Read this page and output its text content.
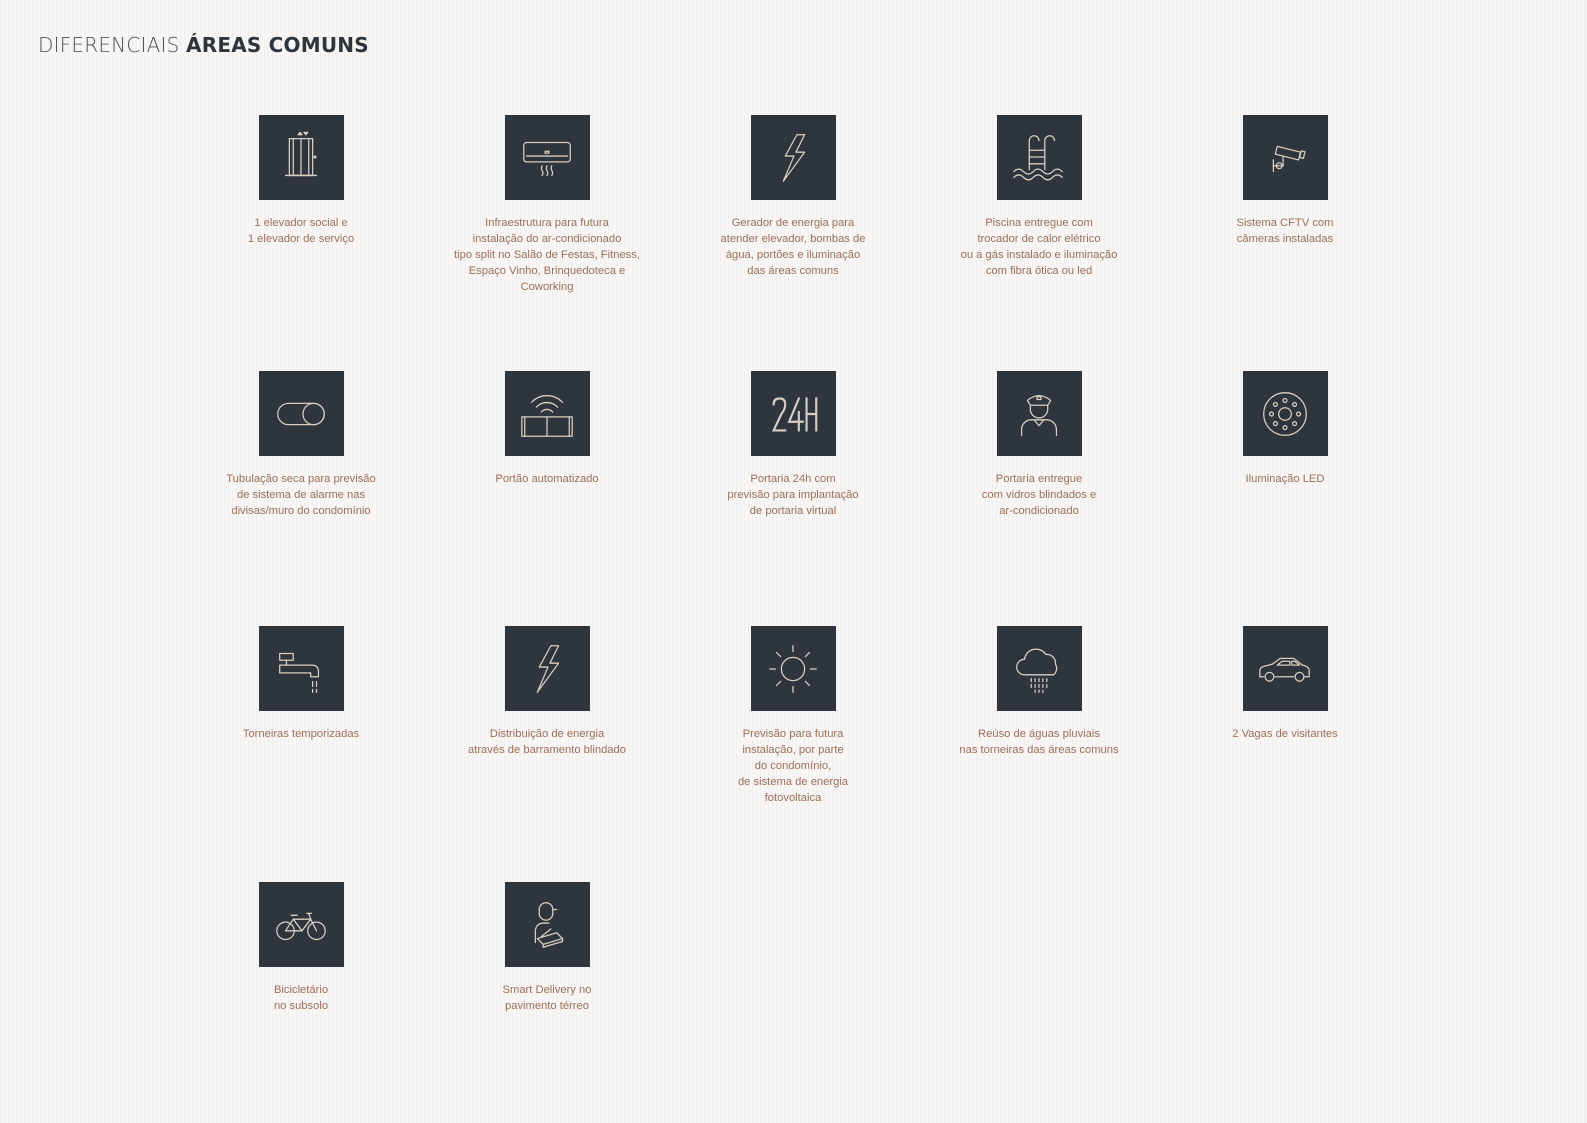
DIFERENCIAIS ÁREAS COMUNS
1 elevador social e
1 elevador de serviço
Infraestrutura para futura
instalação do ar-condicionado
tipo split no Salão de Festas, Fitness,
Espaço Vinho, Brinquedoteca e
Coworking
Gerador de energia para
atender elevador, bombas de
água, portões e iluminação
das áreas comuns
Piscina entregue com
trocador de calor elétrico
ou a gás instalado e iluminação
com fibra ótica ou led
Sistema CFTV com
câmeras instaladas
Tubulação seca para previsão
de sistema de alarme nas
divisas/muro do condomínio
Portão automatizado	Portaria 24h com
previsão para implantação
de portaria virtual
Portaria entregue
com vidros blindados e
ar-condicionado
Iluminação LED
Torneiras temporizadas	Distribuição de energia
através de barramento blindado
Previsão para futura
instalação, por parte
do condomínio,
de sistema de energia
fotovoltaica
Reúso de águas pluviais
nas torneiras das áreas comuns
2 Vagas de visitantes
Bicicletário
no subsolo
Smart Delivery no
pavimento térreo
